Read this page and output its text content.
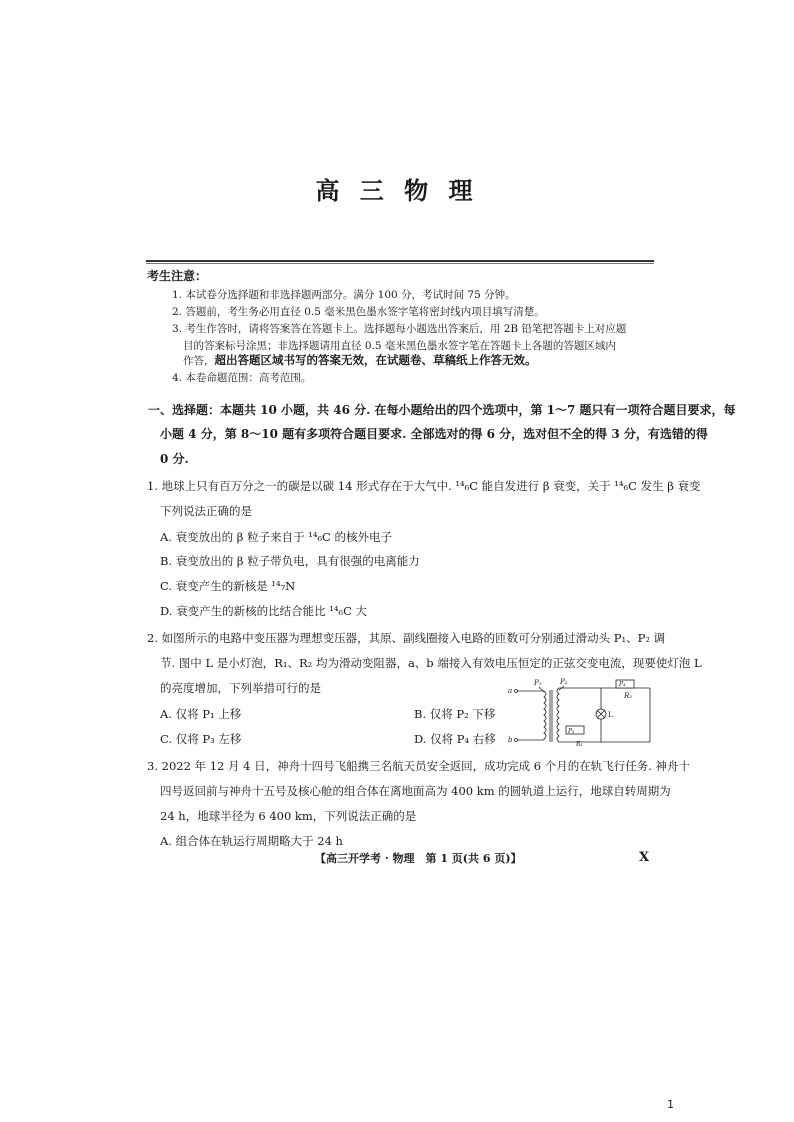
高 三 物 理
考生注意：
1. 本试卷分选择题和非选择题两部分。满分 100 分，考试时间 75 分钟。
2. 答题前，考生务必用直径 0.5 毫米黑色墨水签字笔将密封线内项目填写清楚。
3. 考生作答时，请将答案答在答题卡上。选择题每小题选出答案后，用 2B 铅笔把答题卡上对应题
目的答案标号涂黑；非选择题请用直径 0.5 毫米黑色墨水签字笔在答题卡上各题的答题区域内
作答，超出答题区域书写的答案无效，在试题卷、草稿纸上作答无效。
4. 本卷命题范围：高考范围。
一、选择题：本题共 10 小题，共 46 分. 在每小题给出的四个选项中，第 1～7 题只有一项符合题目要求，每
小题 4 分，第 8～10 题有多项符合题目要求. 全部选对的得 6 分，选对但不全的得 3 分，有选错的得
0 分.
1. 地球上只有百万分之一的碳是以碳 14 形式存在于大气中. ¹⁴₆C 能自发进行 β 衰变，关于 ¹⁴₆C 发生 β 衰变
下列说法正确的是
A. 衰变放出的 β 粒子来自于 ¹⁴₆C 的核外电子
B. 衰变放出的 β 粒子带负电，具有很强的电离能力
C. 衰变产生的新核是 ¹⁴₇N
D. 衰变产生的新核的比结合能比 ¹⁴₆C 大
2. 如图所示的电路中变压器为理想变压器，其原、副线圈接入电路的匝数可分别通过滑动头 P₁、P₂ 调
节. 图中 L 是小灯泡，R₁、R₂ 均为滑动变阻器，a、b 端接入有效电压恒定的正弦交变电流，现要使灯泡 L
的亮度增加，下列举措可行的是
A. 仅将 P₁ 上移	B. 仅将 P₂ 下移
C. 仅将 P₃ 左移	D. 仅将 P₄ 右移
a
b
P₁	P₂	P₄
R₂
L
P₃
R₁
3. 2022 年 12 月 4 日，神舟十四号飞船携三名航天员安全返回，成功完成 6 个月的在轨飞行任务. 神舟十
四号返回前与神舟十五号及核心舱的组合体在离地面高为 400 km 的圆轨道上运行，地球自转周期为
24 h，地球半径为 6 400 km，下列说法正确的是
A. 组合体在轨运行周期略大于 24 h
【高三开学考 · 物理　第 1 页(共 6 页)】	X
1
